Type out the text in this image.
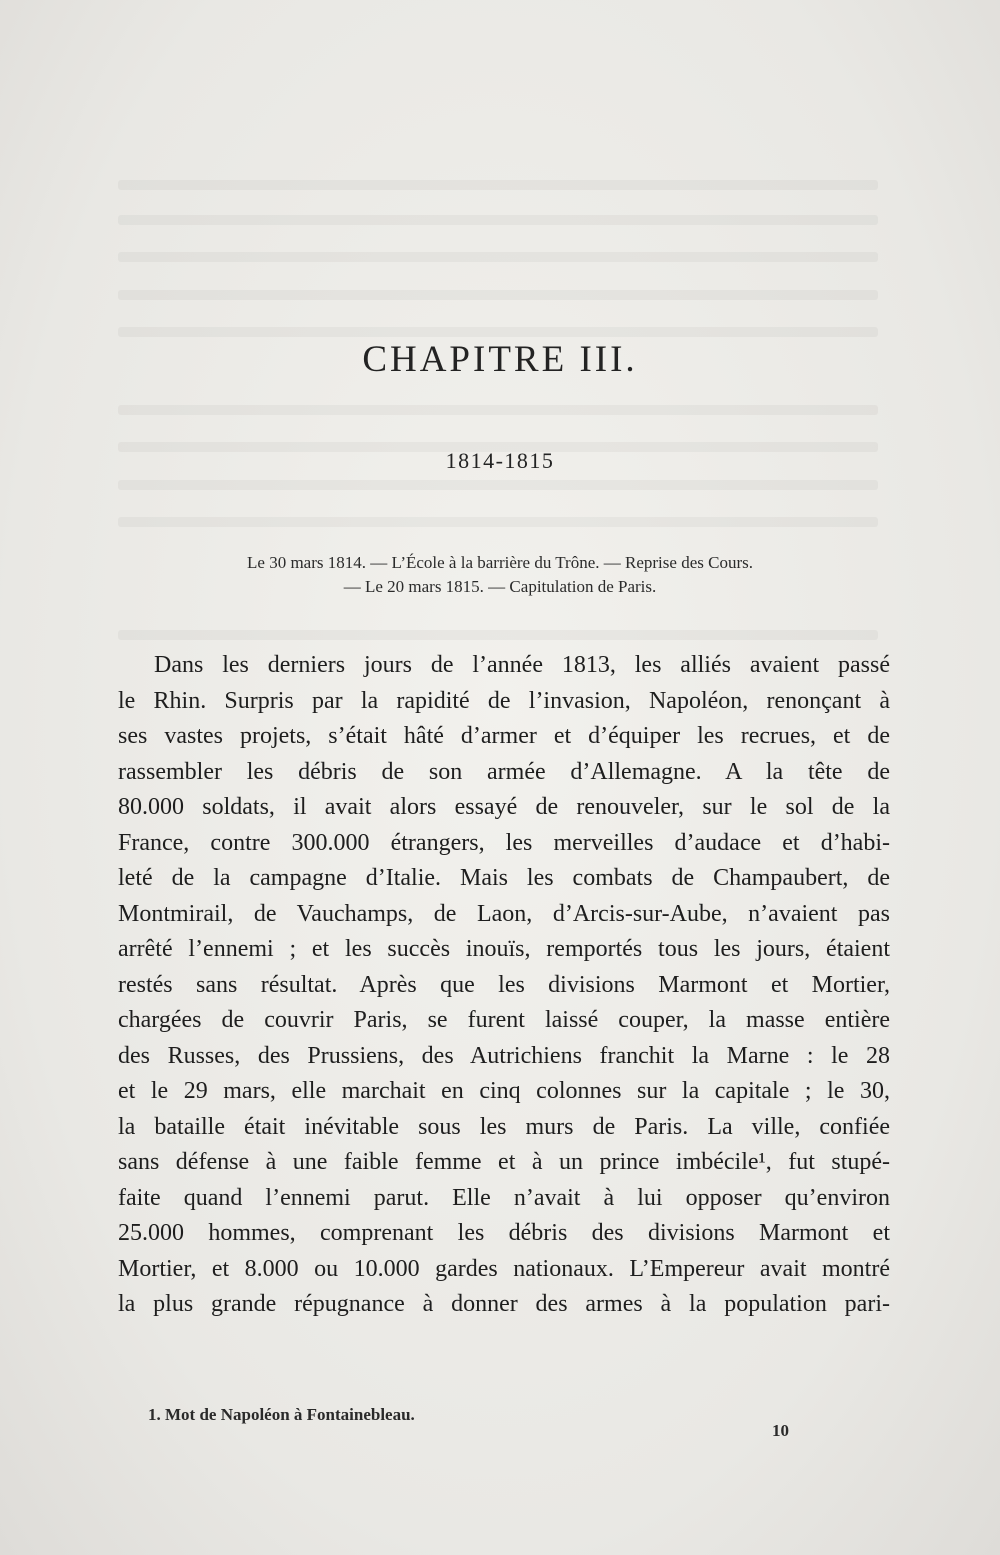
CHAPITRE III.
1814-1815
Le 30 mars 1814. — L’École à la barrière du Trône. — Reprise des Cours.
— Le 20 mars 1815. — Capitulation de Paris.
Dans les derniers jours de l’année 1813, les alliés avaient passé
le Rhin. Surpris par la rapidité de l’invasion, Napoléon, renonçant à
ses vastes projets, s’était hâté d’armer et d’équiper les recrues, et de
rassembler les débris de son armée d’Allemagne. A la tête de
80.000 soldats, il avait alors essayé de renouveler, sur le sol de la
France, contre 300.000 étrangers, les merveilles d’audace et d’habi-
leté de la campagne d’Italie. Mais les combats de Champaubert, de
Montmirail, de Vauchamps, de Laon, d’Arcis-sur-Aube, n’avaient pas
arrêté l’ennemi ; et les succès inouïs, remportés tous les jours, étaient
restés sans résultat. Après que les divisions Marmont et Mortier,
chargées de couvrir Paris, se furent laissé couper, la masse entière
des Russes, des Prussiens, des Autrichiens franchit la Marne : le 28
et le 29 mars, elle marchait en cinq colonnes sur la capitale ; le 30,
la bataille était inévitable sous les murs de Paris. La ville, confiée
sans défense à une faible femme et à un prince imbécile¹, fut stupé-
faite quand l’ennemi parut. Elle n’avait à lui opposer qu’environ
25.000 hommes, comprenant les débris des divisions Marmont et
Mortier, et 8.000 ou 10.000 gardes nationaux. L’Empereur avait montré
la plus grande répugnance à donner des armes à la population pari-
1. Mot de Napoléon à Fontainebleau.
10
